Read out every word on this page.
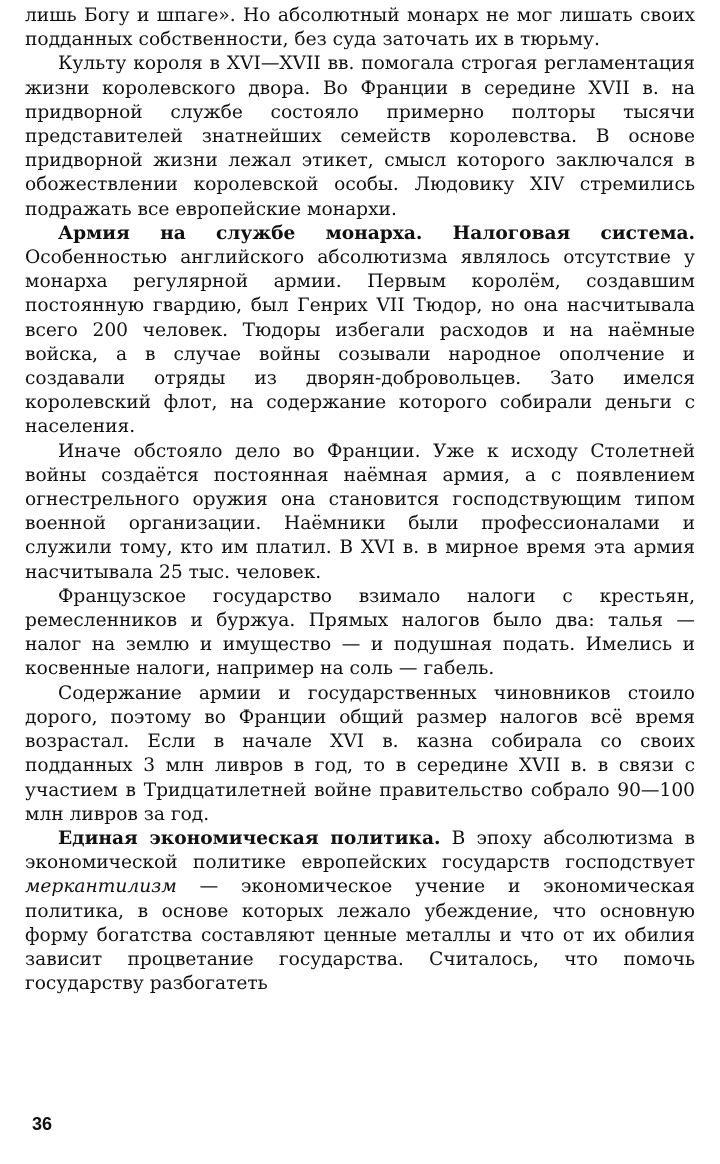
лишь Богу и шпаге». Но абсолютный монарх не мог лишать своих подданных собственности, без суда заточать их в тюрьму.

Культу короля в XVI—XVII вв. помогала строгая регламентация жизни королевского двора. Во Франции в середине XVII в. на придворной службе состояло примерно полторы тысячи представителей знатнейших семейств королевства. В основе придворной жизни лежал этикет, смысл которого заключался в обожествлении королевской особы. Людовику XIV стремились подражать все европейские монархи.

Армия на службе монарха. Налоговая система. Особенностью английского абсолютизма являлось отсутствие у монарха регулярной армии. Первым королём, создавшим постоянную гвардию, был Генрих VII Тюдор, но она насчитывала всего 200 человек. Тюдоры избегали расходов и на наёмные войска, а в случае войны созывали народное ополчение и создавали отряды из дворян-добровольцев. Зато имелся королевский флот, на содержание которого собирали деньги с населения.

Иначе обстояло дело во Франции. Уже к исходу Столетней войны создаётся постоянная наёмная армия, а с появлением огнестрельного оружия она становится господствующим типом военной организации. Наёмники были профессионалами и служили тому, кто им платил. В XVI в. в мирное время эта армия насчитывала 25 тыс. человек.

Французское государство взимало налоги с крестьян, ремесленников и буржуа. Прямых налогов было два: талья — налог на землю и имущество — и подушная подать. Имелись и косвенные налоги, например на соль — габель.

Содержание армии и государственных чиновников стоило дорого, поэтому во Франции общий размер налогов всё время возрастал. Если в начале XVI в. казна собирала со своих подданных 3 млн ливров в год, то в середине XVII в. в связи с участием в Тридцатилетней войне правительство собрало 90—100 млн ливров за год.

Единая экономическая политика. В эпоху абсолютизма в экономической политике европейских государств господствует меркантилизм — экономическое учение и экономическая политика, в основе которых лежало убеждение, что основную форму богатства составляют ценные металлы и что от их обилия зависит процветание государства. Считалось, что помочь государству разбогатеть

36
